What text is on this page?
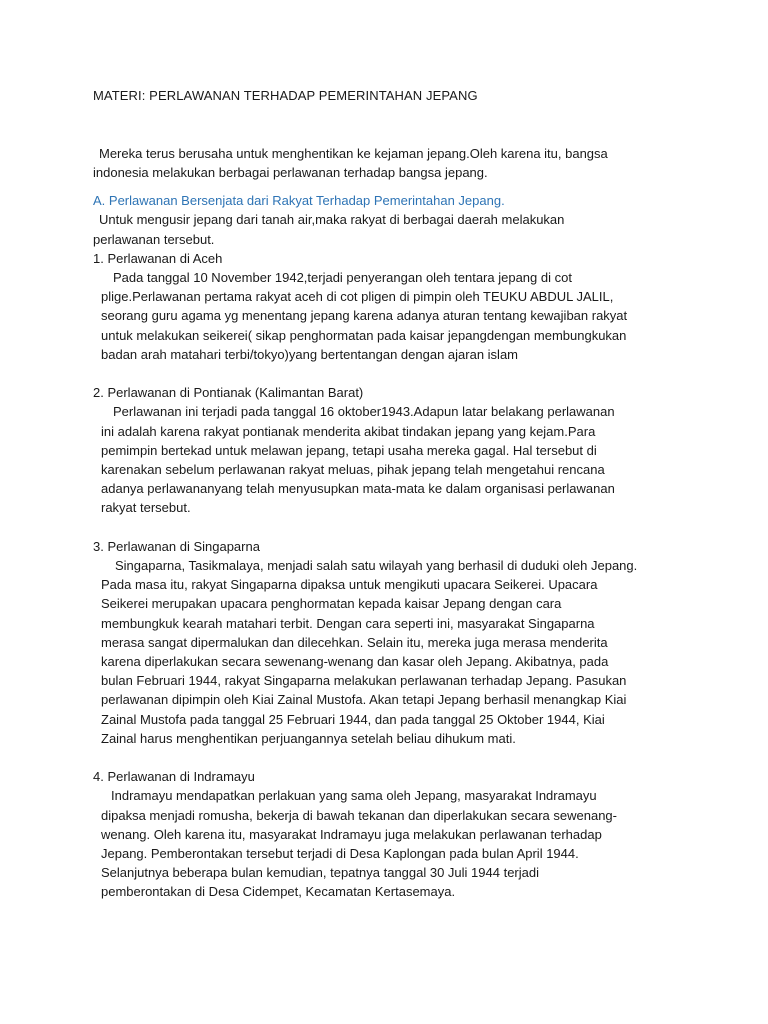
MATERI: PERLAWANAN TERHADAP PEMERINTAHAN JEPANG
Mereka terus berusaha untuk menghentikan ke kejaman jepang.Oleh karena itu, bangsa
indonesia melakukan berbagai perlawanan terhadap bangsa jepang.
A. Perlawanan Bersenjata dari Rakyat Terhadap Pemerintahan Jepang.
Untuk mengusir jepang dari tanah air,maka rakyat di berbagai daerah melakukan
perlawanan tersebut.
1. Perlawanan di Aceh
Pada tanggal 10 November 1942,terjadi penyerangan oleh tentara jepang di cot
plige.Perlawanan pertama rakyat aceh di cot pligen di pimpin oleh TEUKU ABDUL JALIL,
seorang guru agama yg menentang jepang karena adanya aturan tentang kewajiban rakyat
untuk melakukan seikerei( sikap penghormatan pada kaisar jepangdengan membungkukan
badan arah matahari terbi/tokyo)yang bertentangan dengan ajaran islam
2. Perlawanan di Pontianak (Kalimantan Barat)
Perlawanan ini terjadi pada tanggal 16 oktober1943.Adapun latar belakang perlawanan
ini adalah karena rakyat pontianak menderita akibat tindakan jepang yang kejam.Para
pemimpin bertekad untuk melawan jepang, tetapi usaha mereka gagal. Hal tersebut di
karenakan sebelum perlawanan rakyat meluas, pihak jepang telah mengetahui rencana
adanya perlawananyang telah menyusupkan mata-mata ke dalam organisasi perlawanan
rakyat tersebut.
3. Perlawanan di Singaparna
Singaparna, Tasikmalaya, menjadi salah satu wilayah yang berhasil di duduki oleh Jepang.
Pada masa itu, rakyat Singaparna dipaksa untuk mengikuti upacara Seikerei. Upacara
Seikerei merupakan upacara penghormatan kepada kaisar Jepang dengan cara
membungkuk kearah matahari terbit. Dengan cara seperti ini, masyarakat Singaparna
merasa sangat dipermalukan dan dilecehkan. Selain itu, mereka juga merasa menderita
karena diperlakukan secara sewenang-wenang dan kasar oleh Jepang. Akibatnya, pada
bulan Februari 1944, rakyat Singaparna melakukan perlawanan terhadap Jepang. Pasukan
perlawanan dipimpin oleh Kiai Zainal Mustofa. Akan tetapi Jepang berhasil menangkap Kiai
Zainal Mustofa pada tanggal 25 Februari 1944, dan pada tanggal 25 Oktober 1944, Kiai
Zainal harus menghentikan perjuangannya setelah beliau dihukum mati.
4. Perlawanan di Indramayu
Indramayu mendapatkan perlakuan yang sama oleh Jepang, masyarakat Indramayu
dipaksa menjadi romusha, bekerja di bawah tekanan dan diperlakukan secara sewenang-
wenang. Oleh karena itu, masyarakat Indramayu juga melakukan perlawanan terhadap
Jepang. Pemberontakan tersebut terjadi di Desa Kaplongan pada bulan April 1944.
Selanjutnya beberapa bulan kemudian, tepatnya tanggal 30 Juli 1944 terjadi
pemberontakan di Desa Cidempet, Kecamatan Kertasemaya.
